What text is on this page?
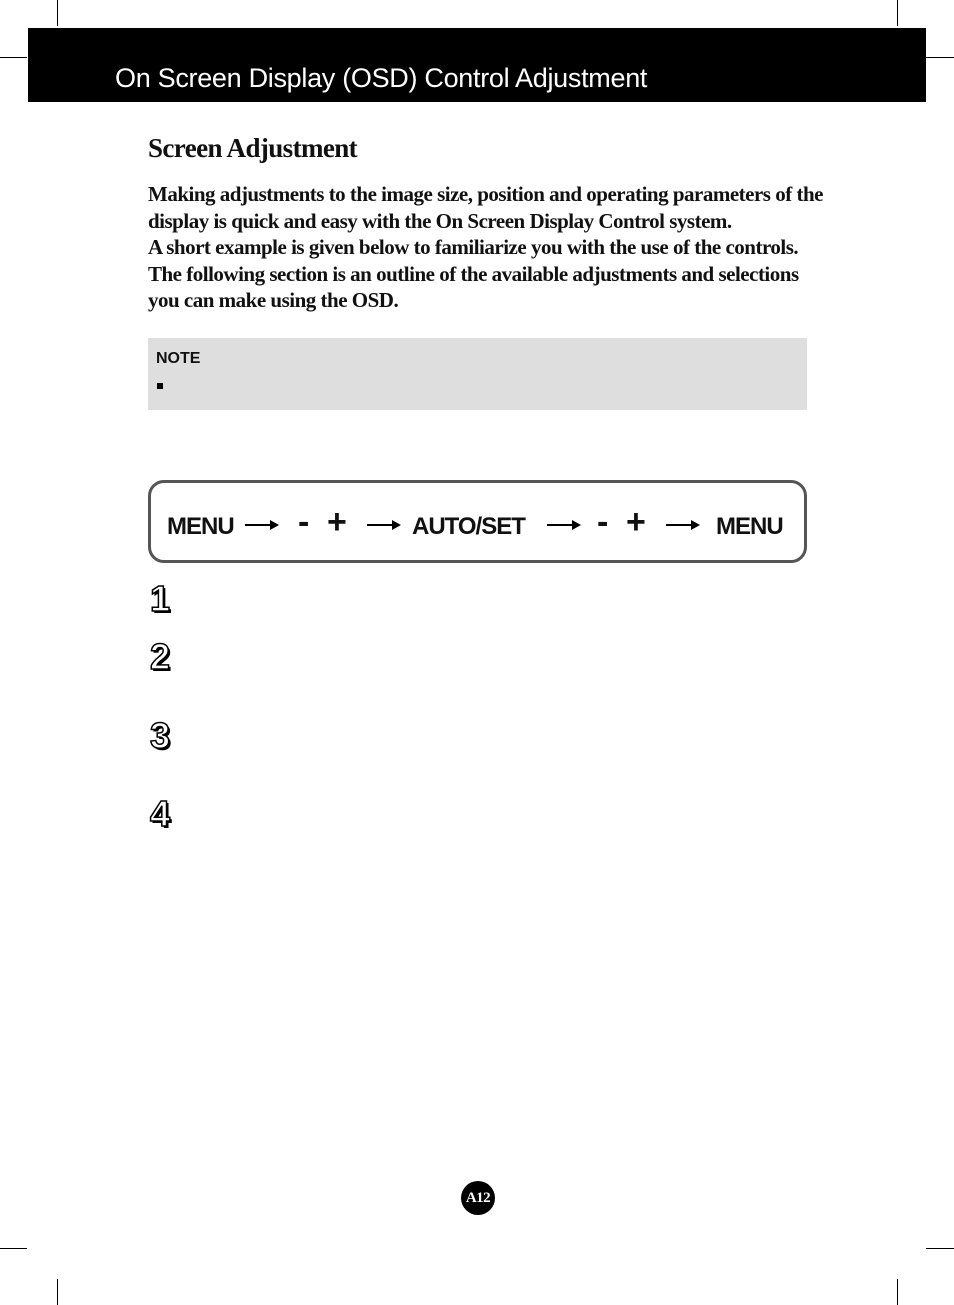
On Screen Display (OSD) Control Adjustment
Screen Adjustment

Making adjustments to the image size, position and operating parameters of the display is quick and easy with the On Screen Display Control system.

A short example is given below to familiarize you with the use of the controls. The following section is an outline of the available adjustments and selections you can make using the OSD.

NOTE
MENU - +	AUTO/SET - +	MENU
1
2
3
4
A12
